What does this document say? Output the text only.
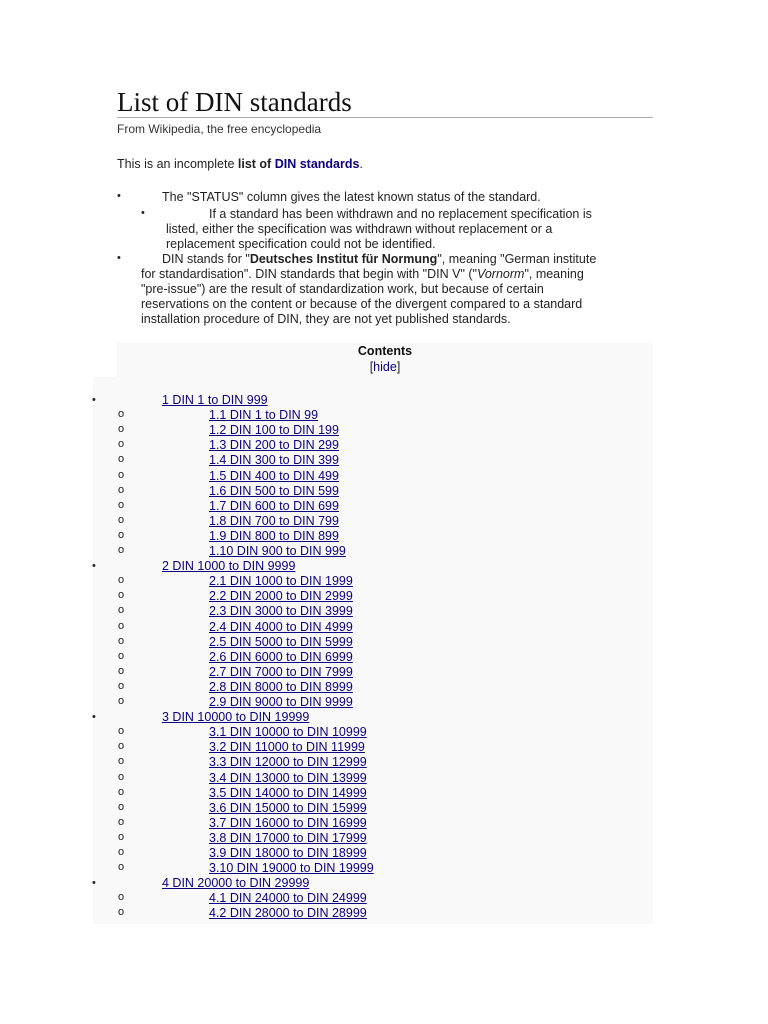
List of DIN standards
From Wikipedia, the free encyclopedia
This is an incomplete list of DIN standards.
•	The "STATUS" column gives the latest known status of the standard.
•	If a standard has been withdrawn and no replacement specification is
listed, either the specification was withdrawn without replacement or a
replacement specification could not be identified.
•	DIN stands for "Deutsches Institut für Normung", meaning "German institute
for standardisation". DIN standards that begin with "DIN V" ("Vornorm", meaning
"pre-issue") are the result of standardization work, but because of certain
reservations on the content or because of the divergent compared to a standard
installation procedure of DIN, they are not yet published standards.
Contents
[hide]
•	1 DIN 1 to DIN 999
o	1.1 DIN 1 to DIN 99
o	1.2 DIN 100 to DIN 199
o	1.3 DIN 200 to DIN 299
o	1.4 DIN 300 to DIN 399
o	1.5 DIN 400 to DIN 499
o	1.6 DIN 500 to DIN 599
o	1.7 DIN 600 to DIN 699
o	1.8 DIN 700 to DIN 799
o	1.9 DIN 800 to DIN 899
o	1.10 DIN 900 to DIN 999
•	2 DIN 1000 to DIN 9999
o	2.1 DIN 1000 to DIN 1999
o	2.2 DIN 2000 to DIN 2999
o	2.3 DIN 3000 to DIN 3999
o	2.4 DIN 4000 to DIN 4999
o	2.5 DIN 5000 to DIN 5999
o	2.6 DIN 6000 to DIN 6999
o	2.7 DIN 7000 to DIN 7999
o	2.8 DIN 8000 to DIN 8999
o	2.9 DIN 9000 to DIN 9999
•	3 DIN 10000 to DIN 19999
o	3.1 DIN 10000 to DIN 10999
o	3.2 DIN 11000 to DIN 11999
o	3.3 DIN 12000 to DIN 12999
o	3.4 DIN 13000 to DIN 13999
o	3.5 DIN 14000 to DIN 14999
o	3.6 DIN 15000 to DIN 15999
o	3.7 DIN 16000 to DIN 16999
o	3.8 DIN 17000 to DIN 17999
o	3.9 DIN 18000 to DIN 18999
o	3.10 DIN 19000 to DIN 19999
•	4 DIN 20000 to DIN 29999
o	4.1 DIN 24000 to DIN 24999
o	4.2 DIN 28000 to DIN 28999
